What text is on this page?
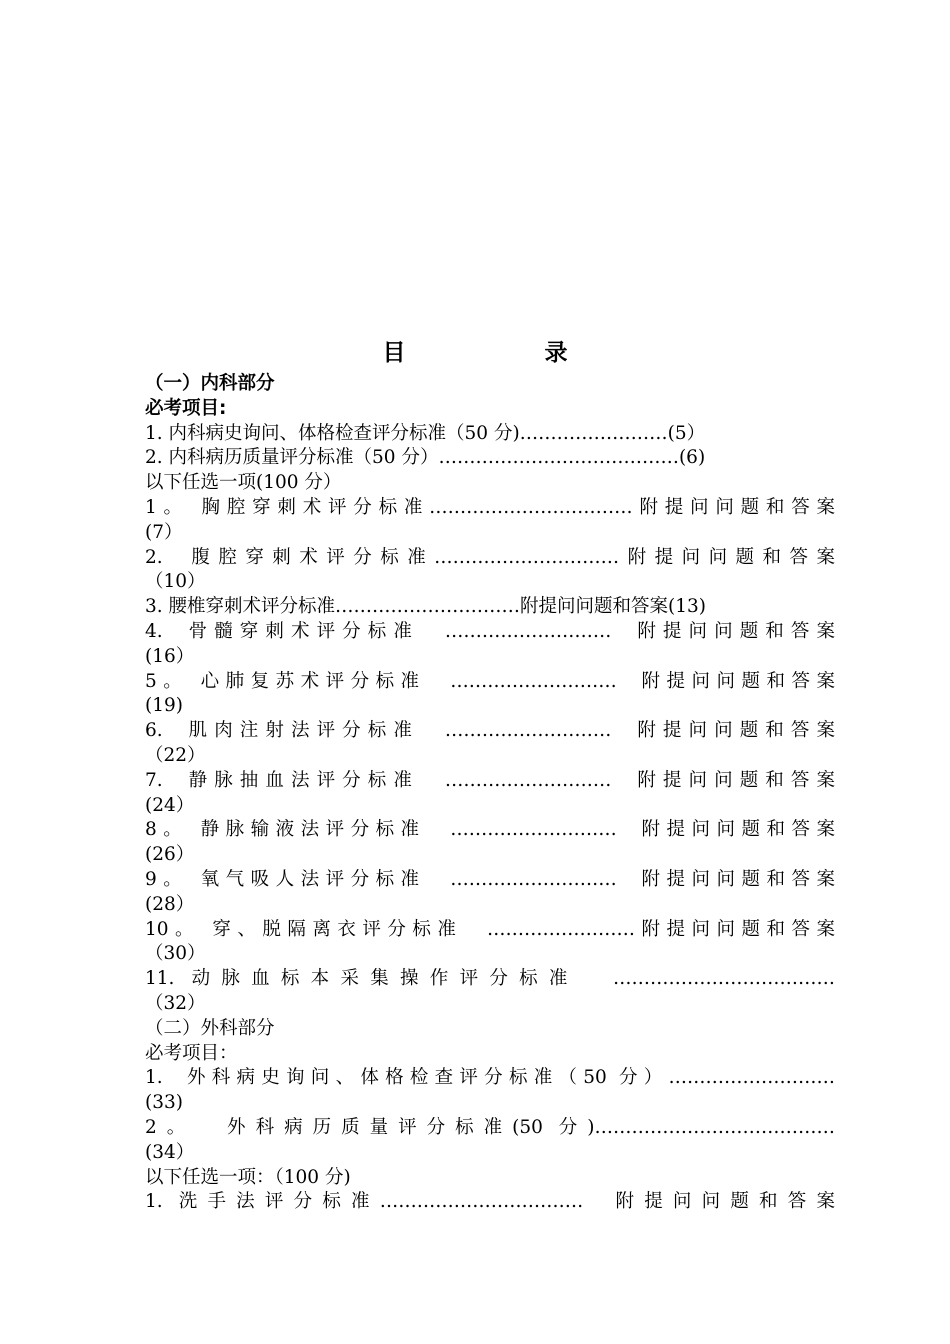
目　录
（一）内科部分
必考项目:
1. 内科病史询问、体格检查评分标准（50 分)……………………(5）
2. 内科病历质量评分标准（50 分）…………………………………(6)
以下任选一项(100 分）
1。 胸腔穿刺术评分标准……………………………附提问问题和答案
(7）
2.  腹腔穿刺术评分标准…………………………附提问问题和答案
（10）
3. 腰椎穿刺术评分标准…………………………附提问问题和答案(13)
4.  骨髓穿刺术评分标准  ………………………  附提问问题和答案
(16）
5。 心肺复苏术评分标准  ………………………  附提问问题和答案
(19)
6.  肌肉注射法评分标准  ………………………  附提问问题和答案
（22）
7.  静脉抽血法评分标准  ………………………  附提问问题和答案
(24）
8。 静脉输液法评分标准  ………………………  附提问问题和答案
(26）
9。 氧气吸人法评分标准  ………………………  附提问问题和答案
(28）
10。 穿、脱隔离衣评分标准  ……………………附提问问题和答案
（30）
11. 动脉血标本采集操作评分标准  ………………………………
（32）
（二）外科部分
必考项目：
1.  外科病史询问、体格检查评分标准（50 分）………………………
(33)
2。  外科病历质量评分标准(50 分)…………………………………
(34）
以下任选一项：（100 分)
1. 洗手法评分标准……………………………  附提问问题和答案
